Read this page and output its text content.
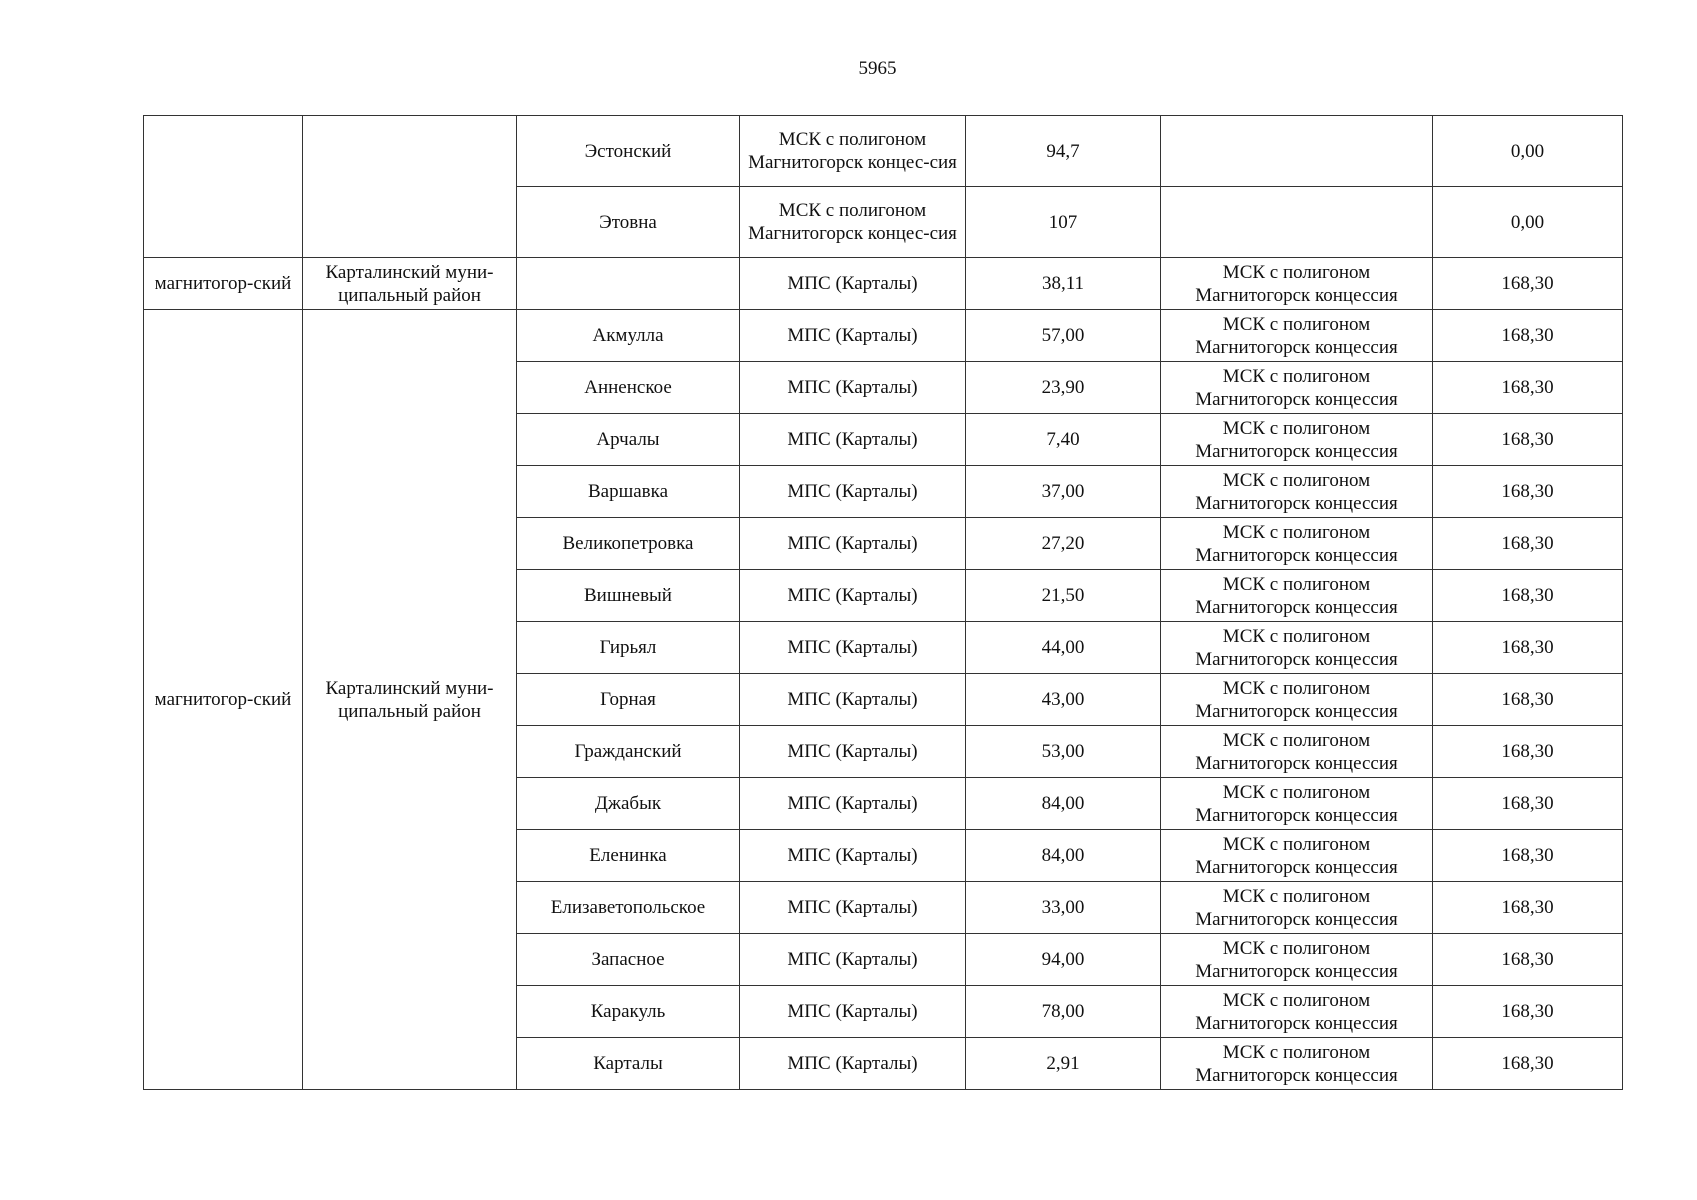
5965
		Эстонский	МСК с полигоном Магнитогорск концес-сия	94,7		0,00
		Этовна	МСК с полигоном Магнитогорск концес-сия	107		0,00
магнитогор-ский	Карталинский муни-ципальный район		МПС (Карталы)	38,11	МСК с полигоном Магнитогорск концессия	168,30
магнитогор-ский	Карталинский муни-ципальный район	Акмулла	МПС (Карталы)	57,00	МСК с полигоном Магнитогорск концессия	168,30
		Анненское	МПС (Карталы)	23,90	МСК с полигоном Магнитогорск концессия	168,30
		Арчалы	МПС (Карталы)	7,40	МСК с полигоном Магнитогорск концессия	168,30
		Варшавка	МПС (Карталы)	37,00	МСК с полигоном Магнитогорск концессия	168,30
		Великопетровка	МПС (Карталы)	27,20	МСК с полигоном Магнитогорск концессия	168,30
		Вишневый	МПС (Карталы)	21,50	МСК с полигоном Магнитогорск концессия	168,30
		Гирьял	МПС (Карталы)	44,00	МСК с полигоном Магнитогорск концессия	168,30
		Горная	МПС (Карталы)	43,00	МСК с полигоном Магнитогорск концессия	168,30
		Гражданский	МПС (Карталы)	53,00	МСК с полигоном Магнитогорск концессия	168,30
		Джабык	МПС (Карталы)	84,00	МСК с полигоном Магнитогорск концессия	168,30
		Еленинка	МПС (Карталы)	84,00	МСК с полигоном Магнитогорск концессия	168,30
		Елизаветопольское	МПС (Карталы)	33,00	МСК с полигоном Магнитогорск концессия	168,30
		Запасное	МПС (Карталы)	94,00	МСК с полигоном Магнитогорск концессия	168,30
		Каракуль	МПС (Карталы)	78,00	МСК с полигоном Магнитогорск концессия	168,30
		Карталы	МПС (Карталы)	2,91	МСК с полигоном Магнитогорск концессия	168,30
